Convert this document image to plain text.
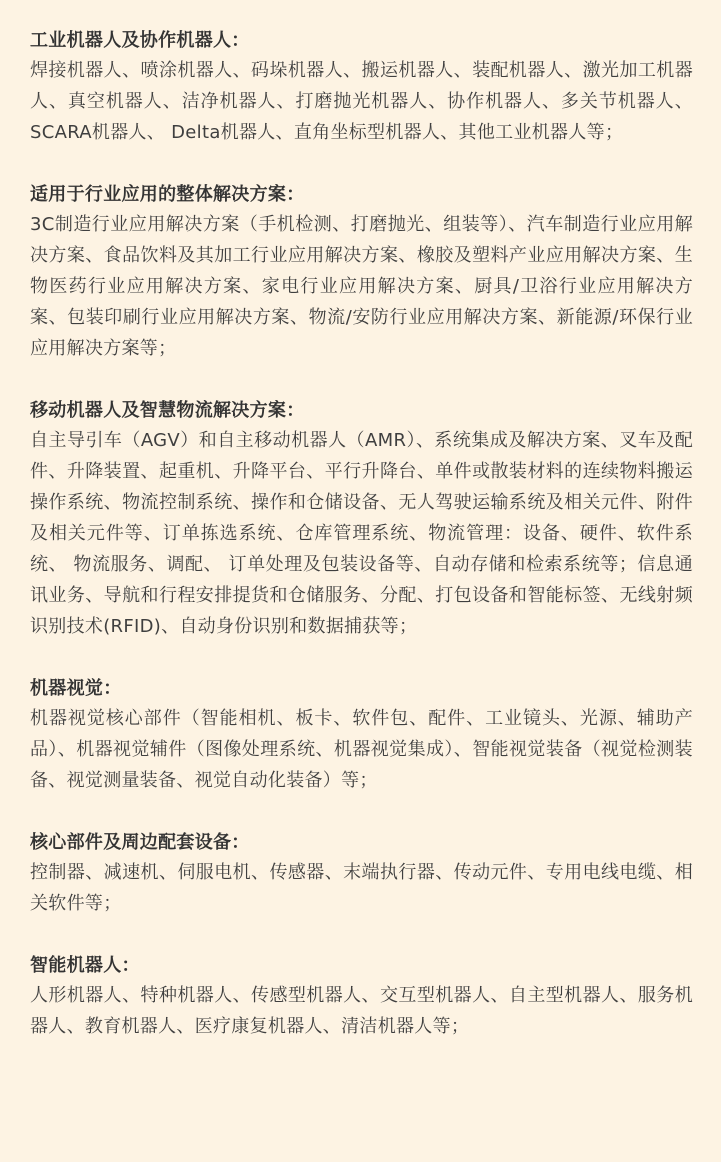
工业机器人及协作机器人：

焊接机器人、喷涂机器人、码垛机器人、搬运机器人、装配机器人、激光加工机器人、真空机器人、洁净机器人、打磨抛光机器人、协作机器人、多关节机器人、SCARA机器人、 Delta机器人、直角坐标型机器人、其他工业机器人等；

适用于行业应用的整体解决方案：

3C制造行业应用解决方案（手机检测、打磨抛光、组装等）、汽车制造行业应用解决方案、食品饮料及其加工行业应用解决方案、橡胶及塑料产业应用解决方案、生物医药行业应用解决方案、家电行业应用解决方案、厨具/卫浴行业应用解决方案、包装印刷行业应用解决方案、物流/安防行业应用解决方案、新能源/环保行业应用解决方案等；

移动机器人及智慧物流解决方案：

自主导引车（AGV）和自主移动机器人（AMR）、系统集成及解决方案、叉车及配件、升降装置、起重机、升降平台、平行升降台、单件或散装材料的连续物料搬运操作系统、物流控制系统、操作和仓储设备、无人驾驶运输系统及相关元件、附件及相关元件等、订单拣选系统、仓库管理系统、物流管理：设备、硬件、软件系统、 物流服务、调配、 订单处理及包装设备等、自动存储和检索系统等；信息通讯业务、导航和行程安排提货和仓储服务、分配、打包设备和智能标签、无线射频识别技术(RFID)、自动身份识别和数据捕获等；

机器视觉：

机器视觉核心部件（智能相机、板卡、软件包、配件、工业镜头、光源、辅助产品）、机器视觉辅件（图像处理系统、机器视觉集成）、智能视觉装备（视觉检测装备、视觉测量装备、视觉自动化装备）等；

核心部件及周边配套设备：

控制器、减速机、伺服电机、传感器、末端执行器、传动元件、专用电线电缆、相关软件等；

智能机器人：

人形机器人、特种机器人、传感型机器人、交互型机器人、自主型机器人、服务机器人、教育机器人、医疗康复机器人、清洁机器人等；
